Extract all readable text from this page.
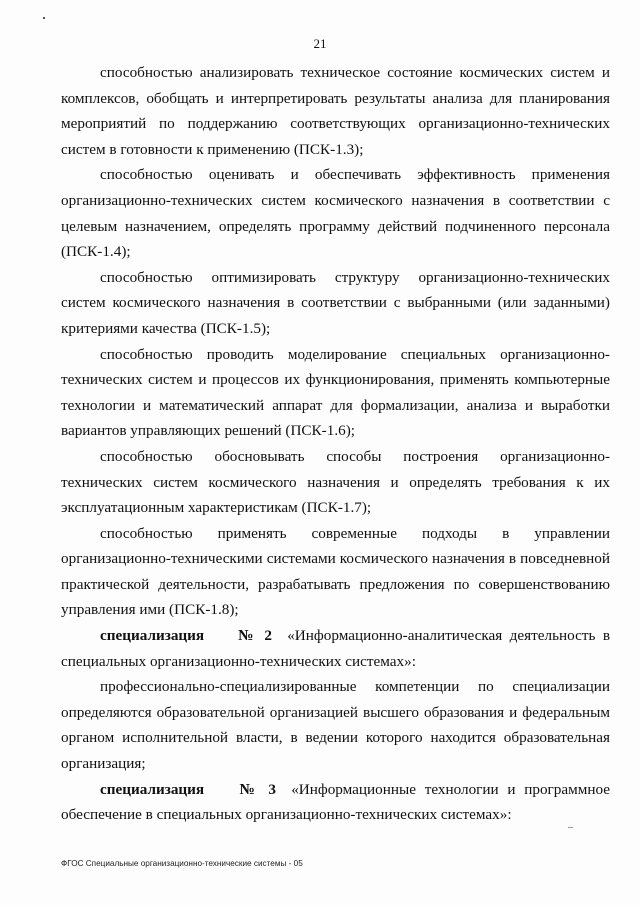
21

способностью анализировать техническое состояние космических систем и комплексов, обобщать и интерпретировать результаты анализа для планирования мероприятий по поддержанию соответствующих организационно-технических систем в готовности к применению (ПСК-1.3);

способностью оценивать и обеспечивать эффективность применения организационно-технических систем космического назначения в соответствии с целевым назначением, определять программу действий подчиненного персонала (ПСК-1.4);

способностью оптимизировать структуру организационно-технических систем космического назначения в соответствии с выбранными (или заданными) критериями качества (ПСК-1.5);

способностью проводить моделирование специальных организационно-технических систем и процессов их функционирования, применять компьютерные технологии и математический аппарат для формализации, анализа и выработки вариантов управляющих решений (ПСК-1.6);

способностью обосновывать способы построения организационно-технических систем космического назначения и определять требования к их эксплуатационным характеристикам (ПСК-1.7);

способностью применять современные подходы в управлении организационно-техническими системами космического назначения в повседневной практической деятельности, разрабатывать предложения по совершенствованию управления ими (ПСК-1.8);

специализация   № 2  «Информационно-аналитическая деятельность в специальных организационно-технических системах»:

профессионально-специализированные компетенции по специализации определяются образовательной организацией высшего образования и федеральным органом исполнительной власти, в ведении которого находится образовательная организация;

специализация   № 3  «Информационные технологии и программное обеспечение в специальных организационно-технических системах»:

ФГОС Специальные организационно-технические системы - 05
